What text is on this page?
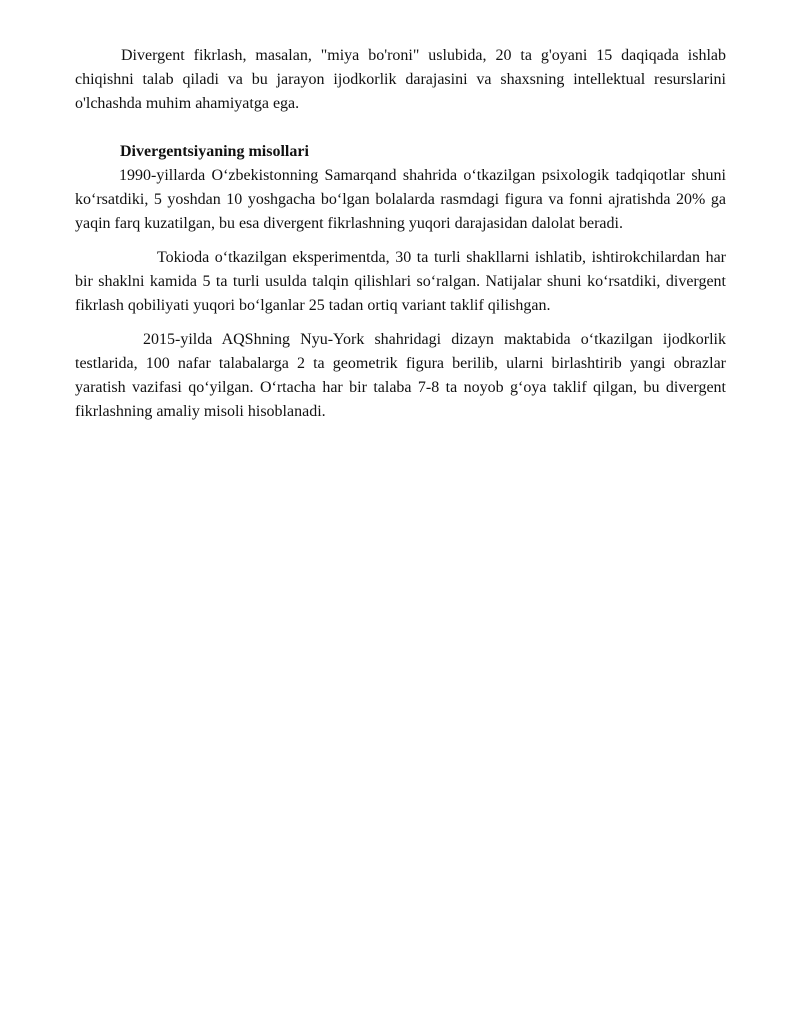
Divergent fikrlash, masalan, "miya bo'roni" uslubida, 20 ta g'oyani 15 daqiqada ishlab chiqishni talab qiladi va bu jarayon ijodkorlik darajasini va shaxsning intellektual resurslarini o'lchashda muhim ahamiyatga ega.

Divergentsiyaning misollari

1990-yillarda O‘zbekistonning Samarqand shahrida o‘tkazilgan psixologik tadqiqotlar shuni ko‘rsatdiki, 5 yoshdan 10 yoshgacha bo‘lgan bolalarda rasmdagi figura va fonni ajratishda 20% ga yaqin farq kuzatilgan, bu esa divergent fikrlashning yuqori darajasidan dalolat beradi.

Tokioda o‘tkazilgan eksperimentda, 30 ta turli shakllarni ishlatib, ishtirokchilardan har bir shaklni kamida 5 ta turli usulda talqin qilishlari so‘ralgan. Natijalar shuni ko‘rsatdiki, divergent fikrlash qobiliyati yuqori bo‘lganlar 25 tadan ortiq variant taklif qilishgan.

2015-yilda AQShning Nyu-York shahridagi dizayn maktabida o‘tkazilgan ijodkorlik testlarida, 100 nafar talabalarga 2 ta geometrik figura berilib, ularni birlashtirib yangi obrazlar yaratish vazifasi qo‘yilgan. O‘rtacha har bir talaba 7-8 ta noyob g‘oya taklif qilgan, bu divergent fikrlashning amaliy misoli hisoblanadi.
